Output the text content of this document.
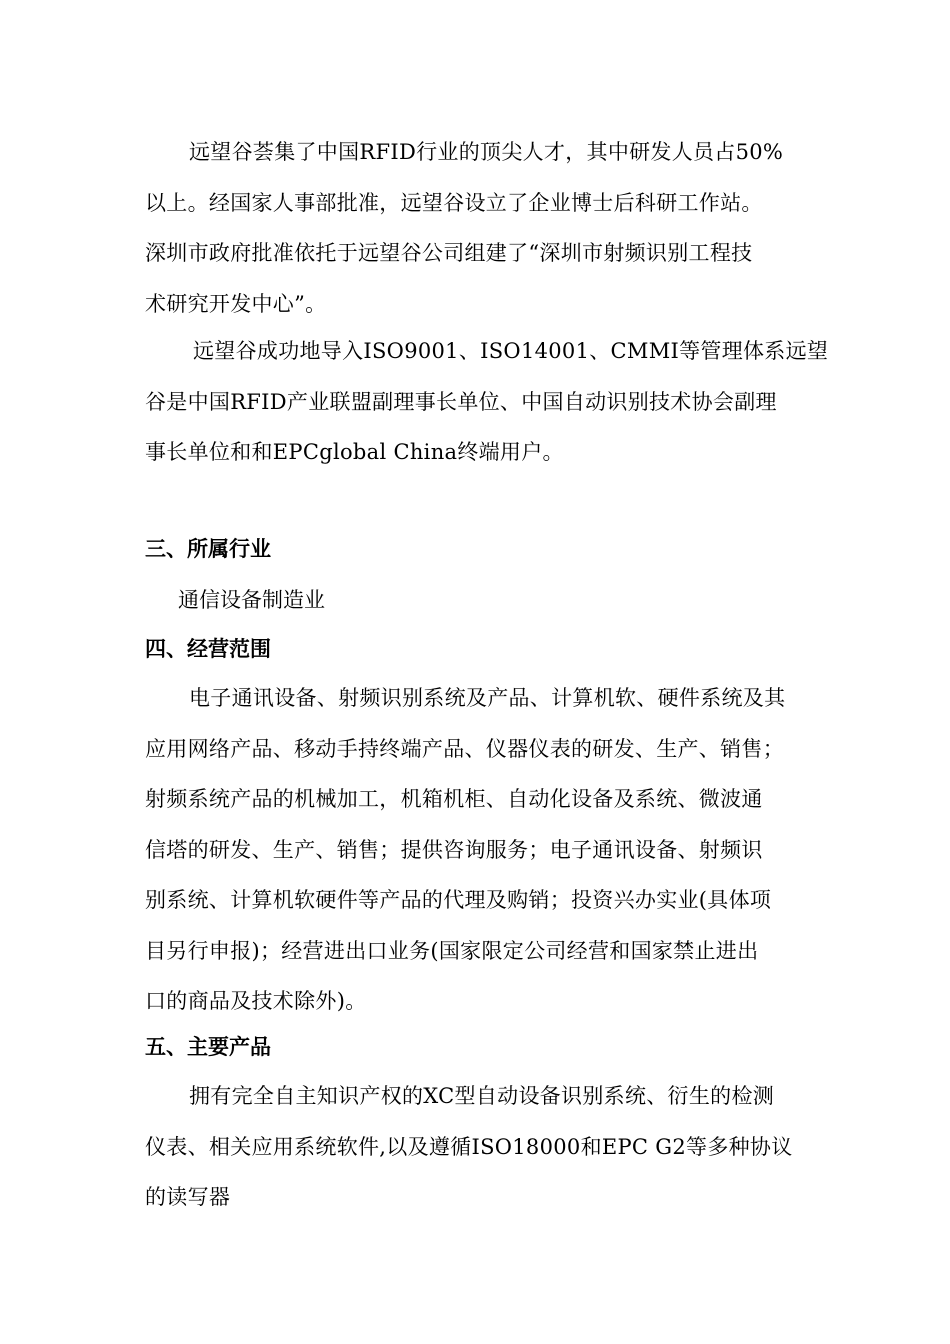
远望谷荟集了中国RFID行业的顶尖人才，其中研发人员占50%
以上。经国家人事部批准，远望谷设立了企业博士后科研工作站。
深圳市政府批准依托于远望谷公司组建了“深圳市射频识别工程技
术研究开发中心”。
远望谷成功地导入ISO9001、ISO14001、CMMI等管理体系远望
谷是中国RFID产业联盟副理事长单位、中国自动识别技术协会副理
事长单位和和EPCglobal China终端用户。
三、所属行业

通信设备制造业

四、经营范围
电子通讯设备、射频识别系统及产品、计算机软、硬件系统及其
应用网络产品、移动手持终端产品、仪器仪表的研发、生产、销售；
射频系统产品的机械加工，机箱机柜、自动化设备及系统、微波通
信塔的研发、生产、销售；提供咨询服务；电子通讯设备、射频识
别系统、计算机软硬件等产品的代理及购销；投资兴办实业(具体项
目另行申报)；经营进出口业务(国家限定公司经营和国家禁止进出
口的商品及技术除外)。
五、主要产品
拥有完全自主知识产权的XC型自动设备识别系统、衍生的检测
仪表、相关应用系统软件,以及遵循ISO18000和EPC G2等多种协议
的读写器
